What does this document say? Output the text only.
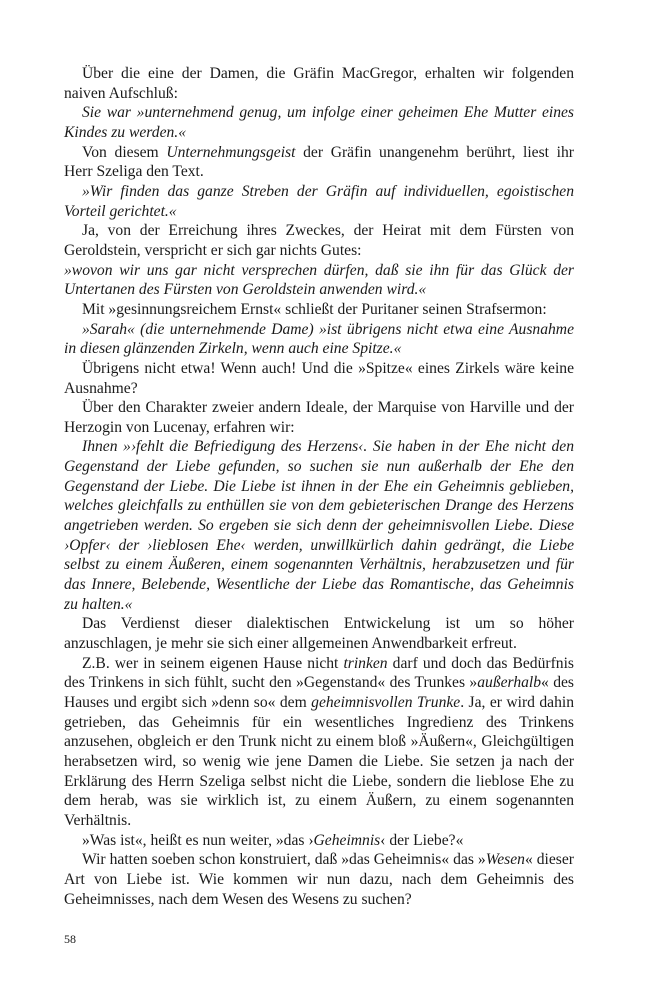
Über die eine der Damen, die Gräfin MacGregor, erhalten wir folgenden naiven Aufschluß:

Sie war »unternehmend genug, um infolge einer geheimen Ehe Mutter eines Kindes zu werden.«

Von diesem Unternehmungsgeist der Gräfin unangenehm berührt, liest ihr Herr Szeliga den Text.

»Wir finden das ganze Streben der Gräfin auf individuellen, egoistischen Vorteil gerichtet.«

Ja, von der Erreichung ihres Zweckes, der Heirat mit dem Fürsten von Geroldstein, verspricht er sich gar nichts Gutes:

»wovon wir uns gar nicht versprechen dürfen, daß sie ihn für das Glück der Untertanen des Fürsten von Geroldstein anwenden wird.«

Mit »gesinnungsreichem Ernst« schließt der Puritaner seinen Strafsermon:

»Sarah« (die unternehmende Dame) »ist übrigens nicht etwa eine Ausnahme in diesen glänzenden Zirkeln, wenn auch eine Spitze.«

Übrigens nicht etwa! Wenn auch! Und die »Spitze« eines Zirkels wäre keine Ausnahme?

Über den Charakter zweier andern Ideale, der Marquise von Harville und der Herzogin von Lucenay, erfahren wir:

Ihnen »›fehlt die Befriedigung des Herzens‹. Sie haben in der Ehe nicht den Gegenstand der Liebe gefunden, so suchen sie nun außerhalb der Ehe den Gegenstand der Liebe. Die Liebe ist ihnen in der Ehe ein Geheimnis geblieben, welches gleichfalls zu enthüllen sie von dem gebieterischen Drange des Herzens angetrieben werden. So ergeben sie sich denn der geheimnisvollen Liebe. Diese ›Opfer‹ der ›lieblosen Ehe‹ werden, unwillkürlich dahin gedrängt, die Liebe selbst zu einem Äußeren, einem sogenannten Verhältnis, herabzusetzen und für das Innere, Belebende, Wesentliche der Liebe das Romantische, das Geheimnis zu halten.«

Das Verdienst dieser dialektischen Entwickelung ist um so höher anzuschlagen, je mehr sie sich einer allgemeinen Anwendbarkeit erfreut.

Z.B. wer in seinem eigenen Hause nicht trinken darf und doch das Bedürfnis des Trinkens in sich fühlt, sucht den »Gegenstand« des Trunkes »außerhalb« des Hauses und ergibt sich »denn so« dem geheimnisvollen Trunke. Ja, er wird dahin getrieben, das Geheimnis für ein wesentliches Ingredienz des Trinkens anzusehen, obgleich er den Trunk nicht zu einem bloß »Äußern«, Gleichgültigen herabsetzen wird, so wenig wie jene Damen die Liebe. Sie setzen ja nach der Erklärung des Herrn Szeliga selbst nicht die Liebe, sondern die lieblose Ehe zu dem herab, was sie wirklich ist, zu einem Äußern, zu einem sogenannten Verhältnis.

»Was ist«, heißt es nun weiter, »das ›Geheimnis‹ der Liebe?«

Wir hatten soeben schon konstruiert, daß »das Geheimnis« das »Wesen« dieser Art von Liebe ist. Wie kommen wir nun dazu, nach dem Geheimnis des Geheimnisses, nach dem Wesen des Wesens zu suchen?

58
